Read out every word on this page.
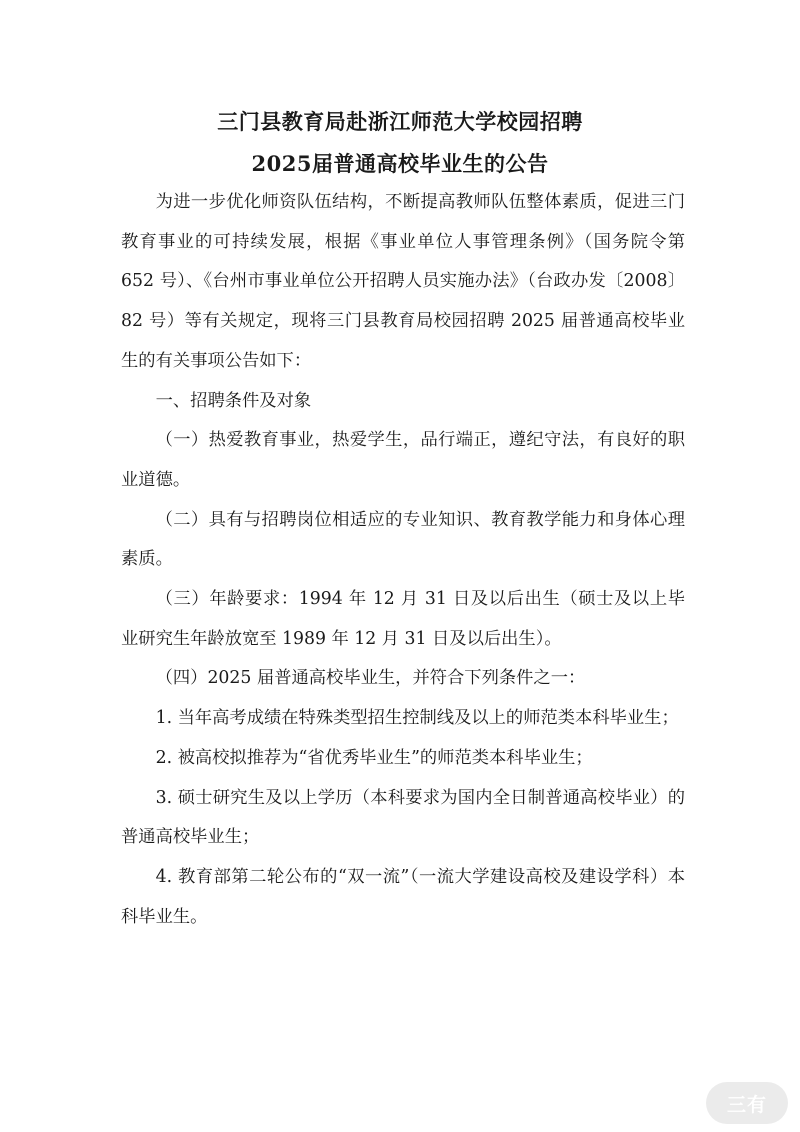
三门县教育局赴浙江师范大学校园招聘
2025届普通高校毕业生的公告

为进一步优化师资队伍结构，不断提高教师队伍整体素质，促进三门教育事业的可持续发展，根据《事业单位人事管理条例》（国务院令第 652 号）、《台州市事业单位公开招聘人员实施办法》（台政办发〔2008〕82 号）等有关规定，现将三门县教育局校园招聘 2025 届普通高校毕业生的有关事项公告如下：

一、招聘条件及对象

（一）热爱教育事业，热爱学生，品行端正，遵纪守法，有良好的职业道德。

（二）具有与招聘岗位相适应的专业知识、教育教学能力和身体心理素质。

（三）年龄要求：1994 年 12 月 31 日及以后出生（硕士及以上毕业研究生年龄放宽至 1989 年 12 月 31 日及以后出生）。

（四）2025 届普通高校毕业生，并符合下列条件之一：

1. 当年高考成绩在特殊类型招生控制线及以上的师范类本科毕业生；

2. 被高校拟推荐为“省优秀毕业生”的师范类本科毕业生；

3. 硕士研究生及以上学历（本科要求为国内全日制普通高校毕业）的普通高校毕业生；

4. 教育部第二轮公布的“双一流”（一流大学建设高校及建设学科）本科毕业生。

三有
